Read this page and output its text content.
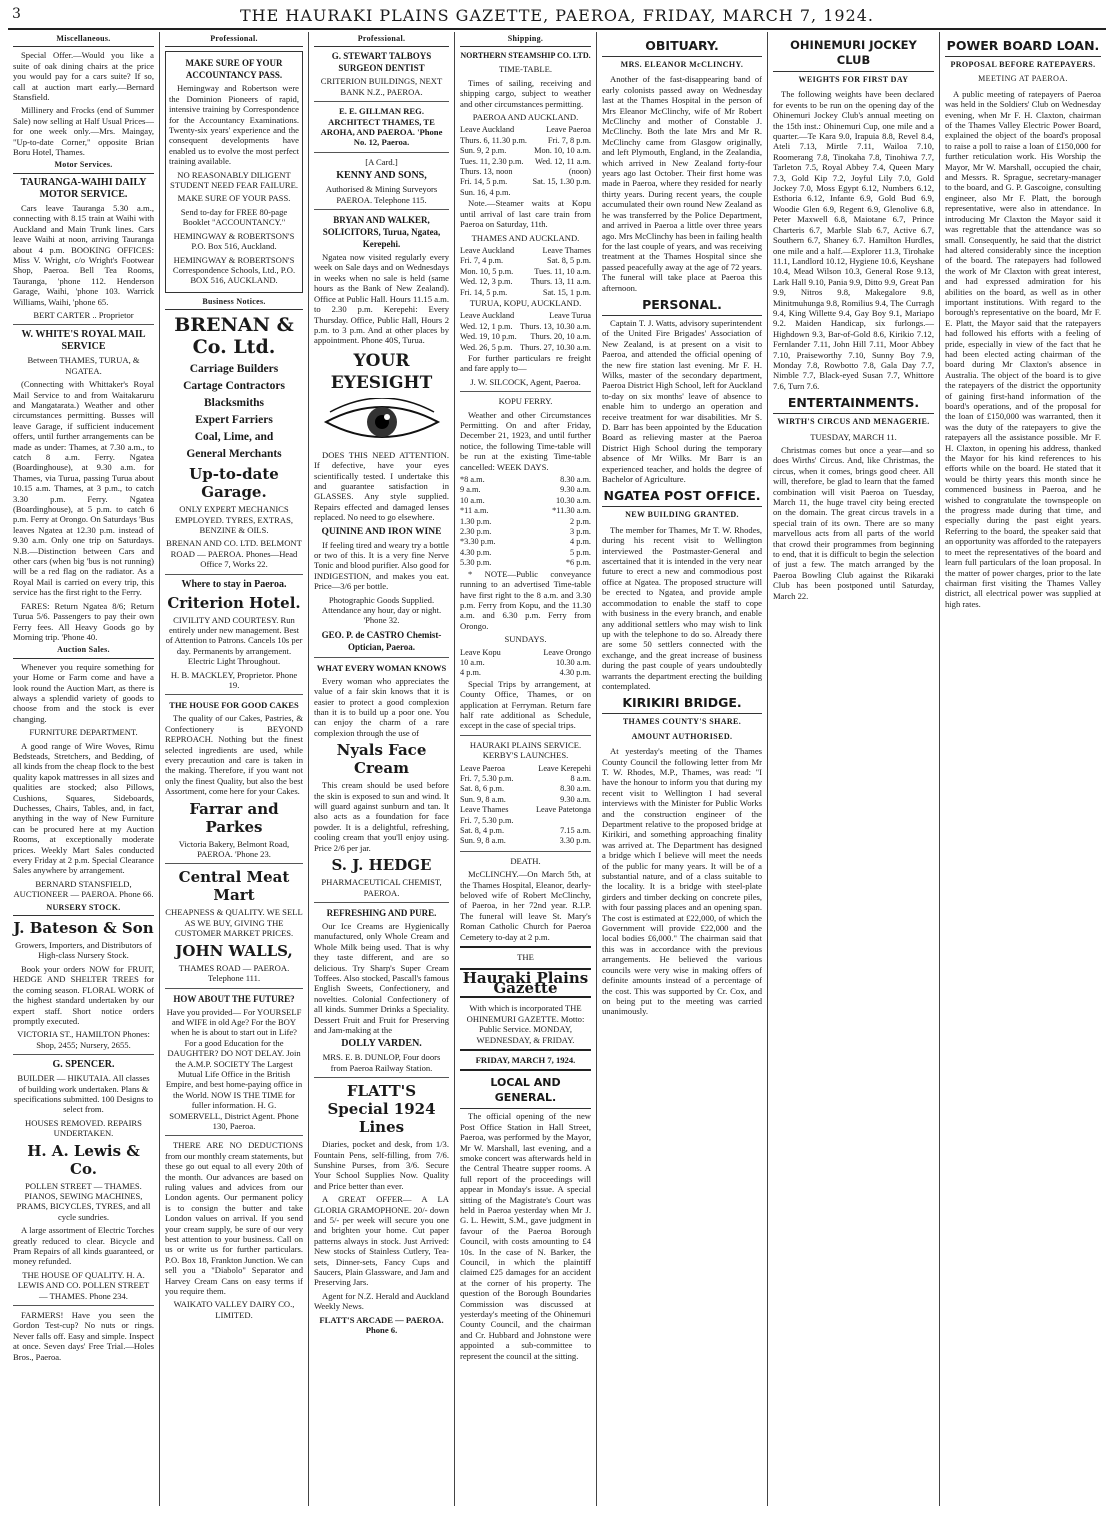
3	THE HAURAKI PLAINS GAZETTE, PAEROA, FRIDAY, MARCH 7, 1924.
Miscellaneous.

Special Offer.—Would you like a suite of oak dining chairs at the price you would pay for a cars suite? If so, call at auction mart early.—Bernard Stansfield.

Millinery and Frocks (end of Summer Sale) now selling at Half Usual Prices—for one week only.—Mrs. Maingay, "Up-to-date Corner," opposite Brian Boru Hotel, Thames.

Motor Services.
TAURANGA-WAIHI DAILY MOTOR SERVICE.

Cars leave Tauranga 5.30 a.m., connecting with 8.15 train at Waihi with Auckland and Main Trunk lines. Cars leave Waihi at noon, arriving Tauranga about 4 p.m. BOOKING OFFICES: Miss V. Wright, c/o Wright's Footwear Shop, Paeroa. Bell Tea Rooms, Tauranga, 'phone 112. Henderson Garage, Waihi, 'phone 103. Warrick Williams, Waihi, 'phone 65.

BERT CARTER .. Proprietor

W. WHITE'S ROYAL MAIL SERVICE

Between THAMES, TURUA, & NGATEA.

(Connecting with Whittaker's Royal Mail Service to and from Waitakaruru and Mangatarata.) Weather and other circumstances permitting. Busses will leave Garage, if sufficient inducement offers, until further arrangements can be made as under: Thames, at 7.30 a.m., to catch 8 a.m. Ferry. Ngatea (Boardinghouse), at 9.30 a.m. for Thames, via Turua, passing Turua about 10.15 a.m. Thames, at 3 p.m., to catch 3.30 p.m. Ferry. Ngatea (Boardinghouse), at 5 p.m. to catch 6 p.m. Ferry at Orongo. On Saturdays 'Bus leaves Ngatea at 12.30 p.m. instead of 9.30 a.m. Only one trip on Saturdays. N.B.—Distinction between Cars and other cars (when big 'bus is not running) will be a red flag on the radiator. As a Royal Mail is carried on every trip, this service has the first right to the Ferry.

FARES: Return Ngatea 8/6; Return Turua 5/6. Passengers to pay their own Ferry fees. All Heavy Goods go by Morning trip. 'Phone 40.

Auction Sales.

Whenever you require something for your Home or Farm come and have a look round the Auction Mart, as there is always a splendid variety of goods to choose from and the stock is ever changing.

FURNITURE DEPARTMENT.

A good range of Wire Woves, Rimu Bedsteads, Stretchers, and Bedding, of all kinds from the cheap flock to the best quality kapok mattresses in all sizes and qualities are stocked; also Pillows, Cushions, Squares, Sideboards, Duchesses, Chairs, Tables, and, in fact, anything in the way of New Furniture can be procured here at my Auction Rooms, at exceptionally moderate prices. Weekly Mart Sales conducted every Friday at 2 p.m. Special Clearance Sales anywhere by arrangement.

BERNARD STANSFIELD, AUCTIONEER — PAEROA. Phone 66.

NURSERY STOCK.
J. Bateson & Son

Growers, Importers, and Distributors of High-class Nursery Stock.

Book your orders NOW for FRUIT, HEDGE AND SHELTER TREES for the coming season. FLORAL WORK of the highest standard undertaken by our expert staff. Short notice orders promptly executed.

VICTORIA ST., HAMILTON Phones: Shop, 2455; Nursery, 2655.

G. SPENCER.

BUILDER — HIKUTAIA. All classes of building work undertaken. Plans & specifications submitted. 100 Designs to select from.

HOUSES REMOVED. REPAIRS UNDERTAKEN.

H. A. Lewis & Co.

POLLEN STREET — THAMES. PIANOS, SEWING MACHINES, PRAMS, BICYCLES, TYRES, and all cycle sundries.

A large assortment of Electric Torches greatly reduced to clear. Bicycle and Pram Repairs of all kinds guaranteed, or money refunded.

THE HOUSE OF QUALITY. H. A. LEWIS AND CO. POLLEN STREET — THAMES. Phone 234.

FARMERS! Have you seen the Gordon Test-cup? No nuts or rings. Never falls off. Easy and simple. Inspect at once. Seven days' Free Trial.—Holes Bros., Paeroa.

Professional.
MAKE SURE OF YOUR ACCOUNTANCY PASS.

Hemingway and Robertson were the Dominion Pioneers of rapid, intensive training by Correspondence for the Accountancy Examinations. Twenty-six years' experience and the consequent developments have enabled us to evolve the most perfect training available.

NO REASONABLY DILIGENT STUDENT NEED FEAR FAILURE.

MAKE SURE OF YOUR PASS.

Send to-day for FREE 80-page Booklet "ACCOUNTANCY."

HEMINGWAY & ROBERTSON'S P.O. Box 516, Auckland.

HEMINGWAY & ROBERTSON'S Correspondence Schools, Ltd., P.O. BOX 516, AUCKLAND.

Business Notices.
BRENAN & Co. Ltd.
Carriage Builders
Cartage Contractors
Blacksmiths
Expert Farriers
Coal, Lime, and
General Merchants
Up-to-date Garage.

ONLY EXPERT MECHANICS EMPLOYED. TYRES, EXTRAS, BENZINE & OILS.

BRENAN AND CO. LTD. BELMONT ROAD — PAEROA. Phones—Head Office 7, Works 22.

Where to stay in Paeroa.
Criterion Hotel.

CIVILITY AND COURTESY. Run entirely under new management. Best of Attention to Patrons. Cancels 10s per day. Permanents by arrangement. Electric Light Throughout.

H. B. MACKLEY, Proprietor. Phone 19.

THE HOUSE FOR GOOD CAKES

The quality of our Cakes, Pastries, & Confectionery is BEYOND REPROACH. Nothing but the finest selected ingredients are used, while every precaution and care is taken in the making. Therefore, if you want not only the finest Quality, but also the best Assortment, come here for your Cakes.

Farrar and Parkes

Victoria Bakery, Belmont Road, PAEROA. 'Phone 23.

Central Meat Mart

CHEAPNESS & QUALITY. WE SELL AS WE BUY, GIVING THE CUSTOMER MARKET PRICES.

JOHN WALLS,

THAMES ROAD — PAEROA. Telephone 111.

HOW ABOUT THE FUTURE?

Have you provided— For YOURSELF and WIFE in old Age? For the BOY when he is about to start out in Life? For a good Education for the DAUGHTER? DO NOT DELAY. Join the A.M.P. SOCIETY The Largest Mutual Life Office in the British Empire, and best home-paying office in the World. NOW IS THE TIME for fuller information. H. G. SOMERVELL, District Agent. Phone 130, Paeroa.

THERE ARE NO DEDUCTIONS from our monthly cream statements, but these go out equal to all every 20th of the month. Our advances are based on ruling values and advices from our London agents. Our permanent policy is to consign the butter and take London values on arrival. If you send your cream supply, be sure of our very best attention to your business. Call on us or write us for further particulars. P.O. Box 18, Frankton Junction. We can sell you a "Diabolo" Separator and Harvey Cream Cans on easy terms if you require them.

WAIKATO VALLEY DAIRY CO., LIMITED.

Professional.
G. STEWART TALBOYS SURGEON DENTIST

CRITERION BUILDINGS, NEXT BANK N.Z., PAEROA.

E. E. GILLMAN REG. ARCHITECT THAMES, TE AROHA, AND PAEROA. 'Phone No. 12, Paeroa.

[A Card.]

KENNY AND SONS,

Authorised & Mining Surveyors PAEROA. Telephone 115.

BRYAN AND WALKER, SOLICITORS, Turua, Ngatea, Kerepehi.

Ngatea now visited regularly every week on Sale days and on Wednesdays in weeks when no sale is held (same hours as the Bank of New Zealand). Office at Public Hall. Hours 11.15 a.m. to 2.30 p.m. Kerepehi: Every Thursday. Office, Public Hall, Hours 2 p.m. to 3 p.m. And at other places by appointment. Phone 40S, Turua.

YOUR EYESIGHT

DOES THIS NEED ATTENTION. If defective, have your eyes scientifically tested. I undertake this and guarantee satisfaction in GLASSES. Any style supplied. Repairs effected and damaged lenses replaced. No need to go elsewhere.

QUININE AND IRON WINE

If feeling tired and weary try a bottle or two of this. It is a very fine Nerve Tonic and blood purifier. Also good for INDIGESTION, and makes you eat. Price—3/6 per bottle.

Photographic Goods Supplied. Attendance any hour, day or night. 'Phone 32.

GEO. P. de CASTRO Chemist-Optician, Paeroa.
WHAT EVERY WOMAN KNOWS

Every woman who appreciates the value of a fair skin knows that it is easier to protect a good complexion than it is to build up a poor one. You can enjoy the charm of a rare complexion through the use of

Nyals Face Cream

This cream should be used before the skin is exposed to sun and wind. It will guard against sunburn and tan. It also acts as a foundation for face powder. It is a delightful, refreshing, cooling cream that you'll enjoy using. Price 2/6 per jar.

S. J. HEDGE

PHARMACEUTICAL CHEMIST, PAEROA.

REFRESHING AND PURE.

Our Ice Creams are Hygienically manufactured, only Whole Cream and Whole Milk being used. That is why they taste different, and are so delicious. Try Sharp's Super Cream Toffees. Also stocked, Pascall's famous English Sweets, Confectionery, and novelties. Colonial Confectionery of all kinds. Summer Drinks a Speciality. Dessert Fruit and Fruit for Preserving and Jam-making at the

DOLLY VARDEN.

MRS. E. B. DUNLOP, Four doors from Paeroa Railway Station.

FLATT'S Special 1924 Lines

Diaries, pocket and desk, from 1/3. Fountain Pens, self-filling, from 7/6. Sunshine Purses, from 3/6. Secure Your School Supplies Now. Quality and Price better than ever.

A GREAT OFFER— A LA GLORIA GRAMOPHONE. 20/- down and 5/- per week will secure you one and brighten your home. Cut paper patterns always in stock. Just Arrived: New stocks of Stainless Cutlery, Tea-sets, Dinner-sets, Fancy Cups and Saucers, Plain Glassware, and Jam and Preserving Jars.

Agent for N.Z. Herald and Auckland Weekly News.

FLATT'S ARCADE — PAEROA. Phone 6.

Shipping.
NORTHERN STEAMSHIP CO. LTD.

TIME-TABLE.

Times of sailing, receiving and shipping cargo, subject to weather and other circumstances permitting.

PAEROA AND AUCKLAND.

Leave Auckland	Leave Paeroa
Thurs. 6, 11.30 p.m.	Fri. 7, 8 p.m.
Sun. 9, 2 p.m.	Mon. 10, 10 a.m.
Tues. 11, 2.30 p.m. Wed. 12, 11 a.m.
Thurs. 13, noon	(noon)
Fri. 14, 5 p.m.	Sat. 15, 1.30 p.m.
Sun. 16, 4 p.m.

Note.—Steamer waits at Kopu until arrival of last care train from Paeroa on Saturday, 11th.

THAMES AND AUCKLAND.

Leave Auckland	Leave Thames
Fri. 7, 4 p.m.	Sat. 8, 5 p.m.
Mon. 10, 5 p.m.	Tues. 11, 10 a.m.
Wed. 12, 3 p.m. Thurs. 13, 11 a.m.
Fri. 14, 5 p.m.	Sat. 15, 1 p.m.

TURUA, KOPU, AUCKLAND.

Leave Auckland	Leave Turua
Wed. 12, 1 p.m. Thurs. 13, 10.30 a.m.
Wed. 19, 10 p.m. Thurs. 20, 10 a.m.
Wed. 26, 5 p.m. Thurs. 27, 10.30 a.m.

For further particulars re freight and fare apply to—

J. W. SILCOCK, Agent, Paeroa.

KOPU FERRY.

Weather and other Circumstances Permitting. On and after Friday, December 21, 1923, and until further notice, the following Time-table will be run at the existing Time-table cancelled: WEEK DAYS.

*8 a.m.	8.30 a.m.
9 a.m.	9.30 a.m.
10 a.m.	10.30 a.m.
*11 a.m.	*11.30 a.m.
1.30 p.m.	2 p.m.
2.30 p.m.	3 p.m.
*3.30 p.m.	4 p.m.
4.30 p.m.	5 p.m.
5.30 p.m.	*6 p.m.

* NOTE—Public conveyance running to an advertised Time-table have first right to the 8 a.m. and 3.30 p.m. Ferry from Kopu, and the 11.30 a.m. and 6.30 p.m. Ferry from Orongo.

SUNDAYS.

Leave Kopu	Leave Orongo
10 a.m.	10.30 a.m.
4 p.m.	4.30 p.m.

Special Trips by arrangement, at County Office, Thames, or on application at Ferryman. Return fare half rate additional as Schedule, except in the case of special trips.

HAURAKI PLAINS SERVICE. KERBY'S LAUNCHES.

Leave Paeroa	Leave Kerepehi
Fri. 7, 5.30 p.m.	8 a.m.
Sat. 8, 6 p.m.	8.30 a.m.
Sun. 9, 8 a.m.	9.30 a.m.
Leave Thames	Leave Patetonga
Fri. 7, 5.30 p.m.
Sat. 8, 4 p.m.	7.15 a.m.
Sun. 9, 8 a.m.	3.30 p.m.

DEATH.

McCLINCHY.—On March 5th, at the Thames Hospital, Eleanor, dearly-beloved wife of Robert McClinchy, of Paeroa, in her 72nd year. R.I.P. The funeral will leave St. Mary's Roman Catholic Church for Paeroa Cemetery to-day at 2 p.m.

THE

Hauraki Plains Gazette

With which is incorporated THE OHINEMURI GAZETTE. Motto: Public Service. MONDAY, WEDNESDAY, & FRIDAY.

FRIDAY, MARCH 7, 1924.

LOCAL AND GENERAL.

The official opening of the new Post Office Station in Hall Street, Paeroa, was performed by the Mayor, Mr W. Marshall, last evening, and a smoke concert was afterwards held in the Central Theatre supper rooms. A full report of the proceedings will appear in Monday's issue. A special sitting of the Magistrate's Court was held in Paeroa yesterday when Mr J. G. L. Hewitt, S.M., gave judgment in favour of the Paeroa Borough Council, with costs amounting to £4 10s. In the case of N. Barker, the Council, in which the plaintiff claimed £25 damages for an accident at the corner of his property. The question of the Borough Boundaries Commission was discussed at yesterday's meeting of the Ohinemuri County Council, and the chairman and Cr. Hubbard and Johnstone were appointed a sub-committee to represent the council at the sitting.

OBITUARY.
MRS. ELEANOR McCLINCHY.

Another of the fast-disappearing band of early colonists passed away on Wednesday last at the Thames Hospital in the person of Mrs Eleanor McClinchy, wife of Mr Robert McClinchy and mother of Constable J. McClinchy. Both the late Mrs and Mr R. McClinchy came from Glasgow originally, and left Plymouth, England, in the Zealandia, which arrived in New Zealand forty-four years ago last October. Their first home was made in Paeroa, where they resided for nearly thirty years. During recent years, the couple accumulated their own round New Zealand as he was transferred by the Police Department, and arrived in Paeroa a little over three years ago. Mrs McClinchy has been in failing health for the last couple of years, and was receiving treatment at the Thames Hospital since she passed peacefully away at the age of 72 years. The funeral will take place at Paeroa this afternoon.

PERSONAL.

Captain T. J. Watts, advisory superintendent of the United Fire Brigades' Association of New Zealand, is at present on a visit to Paeroa, and attended the official opening of the new fire station last evening. Mr F. H. Wilks, master of the secondary department, Paeroa District High School, left for Auckland to-day on six months' leave of absence to enable him to undergo an operation and receive treatment for war disabilities. Mr S. D. Barr has been appointed by the Education Board as relieving master at the Paeroa District High School during the temporary absence of Mr Wilks. Mr Barr is an experienced teacher, and holds the degree of Bachelor of Agriculture.

NGATEA POST OFFICE.
NEW BUILDING GRANTED.

The member for Thames, Mr T. W. Rhodes, during his recent visit to Wellington interviewed the Postmaster-General and ascertained that it is intended in the very near future to erect a new and commodious post office at Ngatea. The proposed structure will be erected to Ngatea, and provide ample accommodation to enable the staff to cope with business in the every branch, and enable any additional settlers who may wish to link up with the telephone to do so. Already there are some 50 settlers connected with the exchange, and the great increase of business during the past couple of years undoubtedly warrants the department erecting the building contemplated.

KIRIKIRI BRIDGE.
THAMES COUNTY'S SHARE.
AMOUNT AUTHORISED.

At yesterday's meeting of the Thames County Council the following letter from Mr T. W. Rhodes, M.P., Thames, was read: "I have the honour to inform you that during my recent visit to Wellington I had several interviews with the Minister for Public Works and the construction engineer of the Department relative to the proposed bridge at Kirikiri, and something approaching finality was arrived at. The Department has designed a bridge which I believe will meet the needs of the public for many years. It will be of a substantial nature, and of a class suitable to the locality. It is a bridge with steel-plate girders and timber decking on concrete piles, with four passing places and an opening span. The cost is estimated at £22,000, of which the Government will provide £22,000 and the local bodies £6,000." The chairman said that this was in accordance with the previous arrangements. He believed the various councils were very wise in making offers of definite amounts instead of a percentage of the cost. This was supported by Cr. Cox, and on being put to the meeting was carried unanimously.

OHINEMURI JOCKEY CLUB
WEIGHTS FOR FIRST DAY

The following weights have been declared for events to be run on the opening day of the Ohinemuri Jockey Club's annual meeting on the 15th inst.: Ohinemuri Cup, one mile and a quarter.—Te Kara 9.0, Irapuia 8.8, Revel 8.4, Ateli 7.13, Mirtle 7.11, Wailoa 7.10, Roomerang 7.8, Tinokaha 7.8, Tinohiwa 7.7, Tarleton 7.5, Royal Abbey 7.4, Queen Mary 7.3, Gold Kip 7.2, Joyful Lily 7.0, Gold Jockey 7.0, Moss Egypt 6.12, Numbers 6.12, Esthoria 6.12, Infante 6.9, Gold Bud 6.9, Woodie Glen 6.9, Regent 6.9, Glenolive 6.8, Peter Maxwell 6.8, Maiotane 6.7, Prince Charteris 6.7, Marble Slab 6.7, Active 6.7, Southern 6.7, Shaney 6.7. Hamilton Hurdles, one mile and a half.—Explorer 11.3, Tirohake 11.1, Landlord 10.12, Hygiene 10.6, Keyshane 10.4, Mead Wilson 10.3, General Rose 9.13, Lark Hall 9.10, Pania 9.9, Ditto 9.9, Great Pan 9.9, Nitros 9.8, Makegalore 9.8, Minitmuhunga 9.8, Romilius 9.4, The Curragh 9.4, King Willette 9.4, Gay Boy 9.1, Mariapo 9.2. Maiden Handicap, six furlongs.—Highdown 9.3, Bar-of-Gold 8.6, Kirikio 7.12, Fernlander 7.11, John Hill 7.11, Moor Abbey 7.10, Praiseworthy 7.10, Sunny Boy 7.9, Monday 7.8, Rowbotto 7.8, Gala Day 7.7, Nimble 7.7, Black-eyed Susan 7.7, Whittore 7.6, Turn 7.6.

ENTERTAINMENTS.
WIRTH'S CIRCUS AND MENAGERIE.

TUESDAY, MARCH 11.

Christmas comes but once a year—and so does Wirths' Circus. And, like Christmas, the circus, when it comes, brings good cheer. All will, therefore, be glad to learn that the famed combination will visit Paeroa on Tuesday, March 11, the huge travel city being erected on the domain. The great circus travels in a special train of its own. There are so many marvellous acts from all parts of the world that crowd their programmes from beginning to end, that it is difficult to begin the selection of just a few. The match arranged by the Paeroa Bowling Club against the Rikaraki Club has been postponed until Saturday, March 22.

POWER BOARD LOAN.
PROPOSAL BEFORE RATEPAYERS.
MEETING AT PAEROA.

A public meeting of ratepayers of Paeroa was held in the Soldiers' Club on Wednesday evening, when Mr F. H. Claxton, chairman of the Thames Valley Electric Power Board, explained the object of the board's proposal to raise a poll to raise a loan of £150,000 for further reticulation work. His Worship the Mayor, Mr W. Marshall, occupied the chair, and Messrs. R. Sprague, secretary-manager to the board, and G. P. Gascoigne, consulting engineer, also Mr F. Platt, the borough representative, were also in attendance. In introducing Mr Claxton the Mayor said it was regrettable that the attendance was so small. Consequently, he said that the district had altered considerably since the inception of the board. The ratepayers had followed the work of Mr Claxton with great interest, and had expressed admiration for his abilities on the board, as well as in other important institutions. With regard to the borough's representative on the board, Mr F. E. Platt, the Mayor said that the ratepayers had followed his efforts with a feeling of pride, especially in view of the fact that he had been elected acting chairman of the board during Mr Claxton's absence in Australia. The object of the board is to give the ratepayers of the district the opportunity of gaining first-hand information of the board's operations, and of the proposal for the loan of £150,000 was warranted, then it was the duty of the ratepayers to give the ratepayers all the assistance possible. Mr F. H. Claxton, in opening his address, thanked the Mayor for his kind references to his efforts while on the board. He stated that it would be thirty years this month since he commenced business in Paeroa, and he wished to congratulate the townspeople on the progress made during that time, and especially during the past eight years. Referring to the board, the speaker said that an opportunity was afforded to the ratepayers to meet the representatives of the board and learn full particulars of the loan proposal. In the matter of power charges, prior to the late chairman first visiting the Thames Valley district, all electrical power was supplied at high rates.
